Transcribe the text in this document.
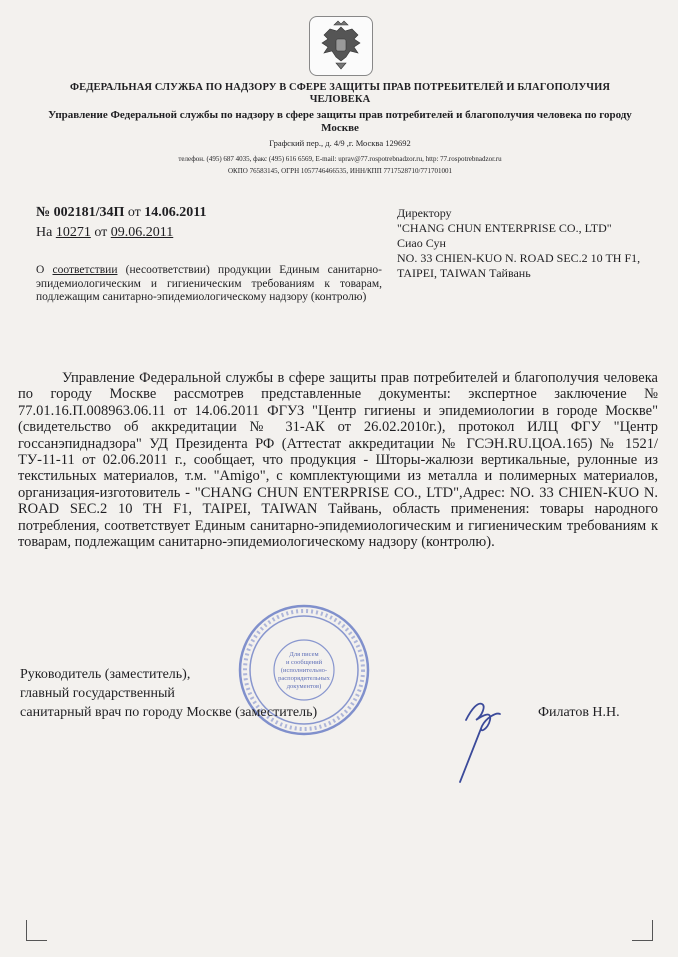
ФЕДЕРАЛЬНАЯ СЛУЖБА ПО НАДЗОРУ В СФЕРЕ ЗАЩИТЫ ПРАВ ПОТРЕБИТЕЛЕЙ И БЛАГОПОЛУЧИЯ ЧЕЛОВЕКА
Управление Федеральной службы по надзору в сфере защиты прав потребителей и благополучия человека по городу Москве
Графский пер., д. 4/9 ,г. Москва 129692
телефон. (495) 687 4035, факс (495) 616 6569, E-mail: uprav@77.rospotrebnadzor.ru, http: 77.rospotrebnadzor.ru
ОКПО 76583145, ОГРН 1057746466535, ИНН/КПП 7717528710/771701001
№ 002181/34П от 14.06.2011
На 10271 от 09.06.2011
О соответствии (несоответствии) продукции Единым санитарно-эпидемиологическим и гигиеническим требованиям к товарам, подлежащим санитарно-эпидемиологическому надзору (контролю)
Директору
"CHANG CHUN ENTERPRISE CO., LTD"
Сиао Сун
NO. 33 CHIEN-KUO N. ROAD SEC.2 10 TH F1, TAIPEI, TAIWAN Тайвань

Управление Федеральной службы в сфере защиты прав потребителей и благополучия человека по городу Москве рассмотрев представленные документы: экспертное заключение № 77.01.16.П.008963.06.11 от 14.06.2011 ФГУЗ "Центр гигиены и эпидемиологии в городе Москве" (свидетельство об аккредитации № 31-АК от 26.02.2010г.), протокол ИЛЦ ФГУ "Центр госсанэпиднадзора" УД Президента РФ (Аттестат аккредитации № ГСЭН.RU.ЦОА.165) № 1521/ТУ-11-11 от 02.06.2011 г., сообщает, что продукция - Шторы-жалюзи вертикальные, рулонные из текстильных материалов, т.м. "Amigo", с комплектующими из металла и полимерных материалов, организация-изготовитель - "CHANG CHUN ENTERPRISE CO., LTD",Адрес: NO. 33 CHIEN-KUO N. ROAD SEC.2 10 TH F1, TAIPEI, TAIWAN Тайвань, область применения: товары народного потребления, соответствует Единым санитарно-эпидемиологическим и гигиеническим требованиям к товарам, подлежащим санитарно-эпидемиологическому надзору (контролю).

Для писем
и сообщений
(исполнительно-
распорядительных
документов)
Руководитель (заместитель),
главный государственный
санитарный врач по городу Москве (заместитель)	Филатов Н.Н.
